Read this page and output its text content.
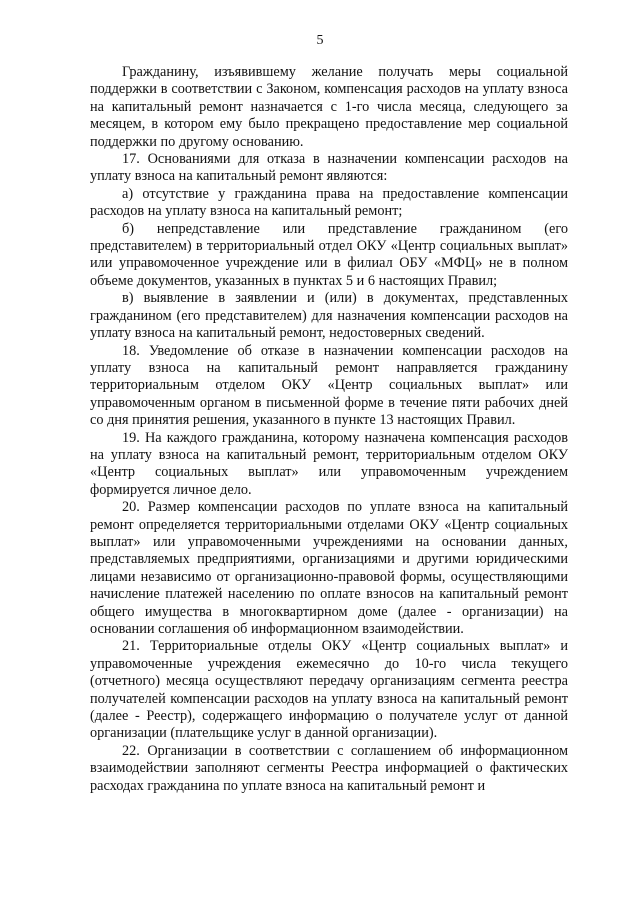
5

Гражданину, изъявившему желание получать меры социальной поддержки в соответствии с Законом, компенсация расходов на уплату взноса на капитальный ремонт назначается с 1-го числа месяца, следующего за месяцем, в котором ему было прекращено предоставление мер социальной поддержки по другому основанию.

17. Основаниями для отказа в назначении компенсации расходов на уплату взноса на капитальный ремонт являются:

а) отсутствие у гражданина права на предоставление компенсации расходов на уплату взноса на капитальный ремонт;

б) непредставление или представление гражданином (его представителем) в территориальный отдел ОКУ «Центр социальных выплат» или управомоченное учреждение или в филиал ОБУ «МФЦ» не в полном объеме документов, указанных в пунктах 5 и 6 настоящих Правил;

в) выявление в заявлении и (или) в документах, представленных гражданином (его представителем) для назначения компенсации расходов на уплату взноса на капитальный ремонт, недостоверных сведений.

18. Уведомление об отказе в назначении компенсации расходов на уплату взноса на капитальный ремонт направляется гражданину территориальным отделом ОКУ «Центр социальных выплат» или управомоченным органом в письменной форме в течение пяти рабочих дней со дня принятия решения, указанного в пункте 13 настоящих Правил.

19. На каждого гражданина, которому назначена компенсация расходов на уплату взноса на капитальный ремонт, территориальным отделом ОКУ «Центр социальных выплат» или управомоченным учреждением формируется личное дело.

20. Размер компенсации расходов по уплате взноса на капитальный ремонт определяется территориальными отделами ОКУ «Центр социальных выплат» или управомоченными учреждениями на основании данных, представляемых предприятиями, организациями и другими юридическими лицами независимо от организационно-правовой формы, осуществляющими начисление платежей населению по оплате взносов на капитальный ремонт общего имущества в многоквартирном доме (далее - организации) на основании соглашения об информационном взаимодействии.

21. Территориальные отделы ОКУ «Центр социальных выплат» и управомоченные учреждения ежемесячно до 10-го числа текущего (отчетного) месяца осуществляют передачу организациям сегмента реестра получателей компенсации расходов на уплату взноса на капитальный ремонт (далее - Реестр), содержащего информацию о получателе услуг от данной организации (плательщике услуг в данной организации).

22. Организации в соответствии с соглашением об информационном взаимодействии заполняют сегменты Реестра информацией о фактических расходах гражданина по уплате взноса на капитальный ремонт и
